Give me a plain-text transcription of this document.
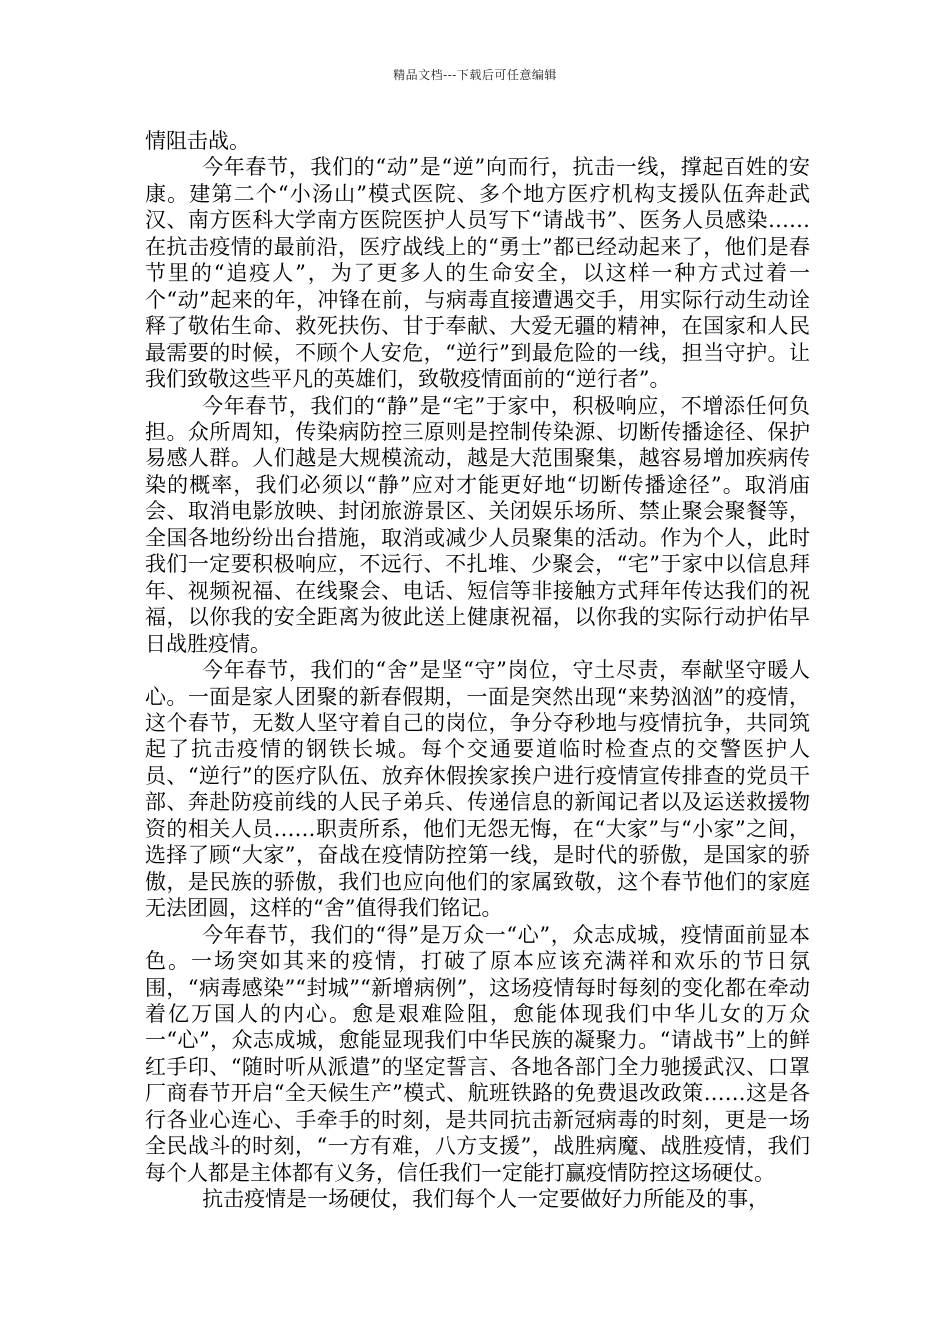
精品文档---下载后可任意编辑

情阻击战。

今年春节，我们的“动”是“逆”向而行，抗击一线，撑起百姓的安康。建第二个“小汤山”模式医院、多个地方医疗机构支援队伍奔赴武汉、南方医科大学南方医院医护人员写下“请战书”、医务人员感染……在抗击疫情的最前沿，医疗战线上的“勇士”都已经动起来了，他们是春节里的“追疫人”，为了更多人的生命安全，以这样一种方式过着一个“动”起来的年，冲锋在前，与病毒直接遭遇交手，用实际行动生动诠释了敬佑生命、救死扶伤、甘于奉献、大爱无疆的精神，在国家和人民最需要的时候，不顾个人安危，“逆行”到最危险的一线，担当守护。让我们致敬这些平凡的英雄们，致敬疫情面前的“逆行者”。

今年春节，我们的“静”是“宅”于家中，积极响应，不增添任何负担。众所周知，传染病防控三原则是控制传染源、切断传播途径、保护易感人群。人们越是大规模流动，越是大范围聚集，越容易增加疾病传染的概率，我们必须以“静”应对才能更好地“切断传播途径”。取消庙会、取消电影放映、封闭旅游景区、关闭娱乐场所、禁止聚会聚餐等，全国各地纷纷出台措施，取消或减少人员聚集的活动。作为个人，此时我们一定要积极响应，不远行、不扎堆、少聚会，“宅”于家中以信息拜年、视频祝福、在线聚会、电话、短信等非接触方式拜年传达我们的祝福，以你我的安全距离为彼此送上健康祝福，以你我的实际行动护佑早日战胜疫情。

今年春节，我们的“舍”是坚“守”岗位，守土尽责，奉献坚守暖人心。一面是家人团聚的新春假期，一面是突然出现“来势汹汹”的疫情，这个春节，无数人坚守着自己的岗位，争分夺秒地与疫情抗争，共同筑起了抗击疫情的钢铁长城。每个交通要道临时检查点的交警医护人员、“逆行”的医疗队伍、放弃休假挨家挨户进行疫情宣传排查的党员干部、奔赴防疫前线的人民子弟兵、传递信息的新闻记者以及运送救援物资的相关人员……职责所系，他们无怨无悔，在“大家”与“小家”之间，选择了顾“大家”，奋战在疫情防控第一线，是时代的骄傲，是国家的骄傲，是民族的骄傲，我们也应向他们的家属致敬，这个春节他们的家庭无法团圆，这样的“舍”值得我们铭记。

今年春节，我们的“得”是万众一“心”，众志成城，疫情面前显本色。一场突如其来的疫情，打破了原本应该充满祥和欢乐的节日氛围，“病毒感染”“封城”“新增病例”，这场疫情每时每刻的变化都在牵动着亿万国人的内心。愈是艰难险阻，愈能体现我们中华儿女的万众一“心”，众志成城，愈能显现我们中华民族的凝聚力。“请战书”上的鲜红手印、“随时听从派遣”的坚定誓言、各地各部门全力驰援武汉、口罩厂商春节开启“全天候生产”模式、航班铁路的免费退改政策……这是各行各业心连心、手牵手的时刻，是共同抗击新冠病毒的时刻，更是一场全民战斗的时刻，“一方有难，八方支援”，战胜病魔、战胜疫情，我们每个人都是主体都有义务，信任我们一定能打赢疫情防控这场硬仗。

抗击疫情是一场硬仗，我们每个人一定要做好力所能及的事，
